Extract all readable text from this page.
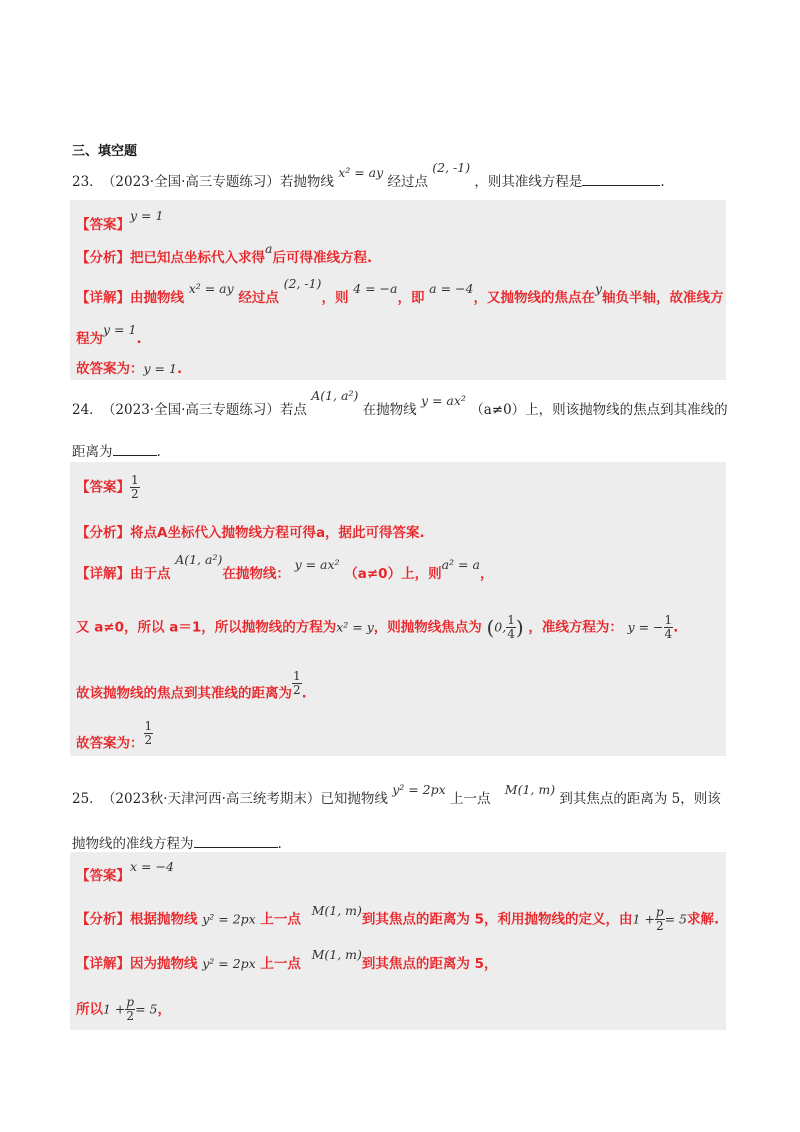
三、填空题
23． （2023·全国·高三专题练习）若抛物线 x² = ay 经过点 (2, -1) ，则其准线方程是	.
【答案】y = 1
【分析】把已知点坐标代入求得a后可得准线方程.
【详解】由抛物线 x² = ay 经过点 (2, -1)，则 4 = −a，即 a = −4，又抛物线的焦点在y轴负半轴，故准线方
程为y = 1.
故答案为：y = 1.
24． （2023·全国·高三专题练习）若点 A(1, a²) 在抛物线 y = ax² （a≠0）上，则该抛物线的焦点到其准线的
距离为	.
【答案】 $\frac{1}{2}$
【分析】将点A坐标代入抛物线方程可得a，据此可得答案.
【详解】由于点 A(1, a²)在抛物线： y = ax² （a≠0）上，则a² = a，
又 a≠0，所以 a＝1，所以抛物线的方程为x² = y，则抛物线焦点为 (0, $\frac{1}{4}$ ) ，准线方程为： y = − $\frac{1}{4}$ .
故该抛物线的焦点到其准线的距离为 $\frac{1}{2}$ .
故答案为： $\frac{1}{2}$
25． （2023秋·天津河西·高三统考期末）已知抛物线 y² = 2px 上一点 M(1, m) 到其焦点的距离为 5，则该
抛物线的准线方程为	.
【答案】x = −4
【分析】根据抛物线 y² = 2px 上一点 M(1, m)到其焦点的距离为 5，利用抛物线的定义，由$1 + \frac{p}{2} = 5$求解.
【详解】因为抛物线 y² = 2px 上一点 M(1, m)到其焦点的距离为 5，
所以$1 + \frac{p}{2} = 5$，
